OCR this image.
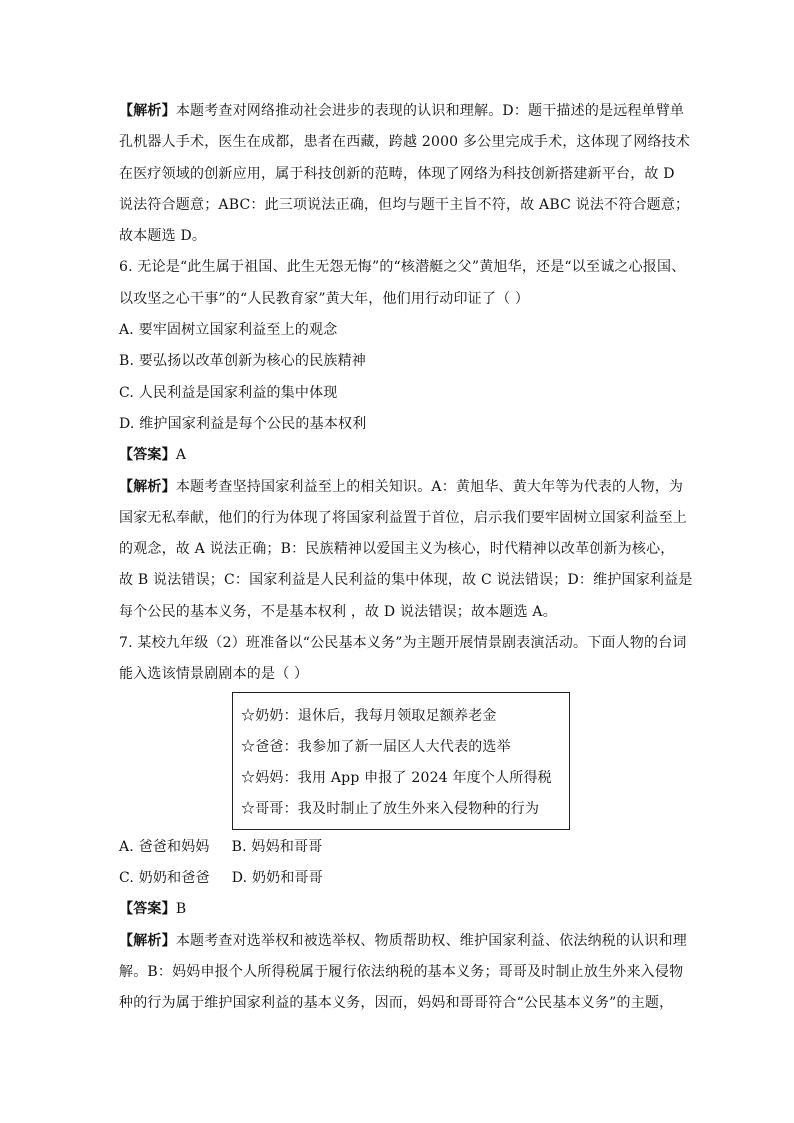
【解析】本题考查对网络推动社会进步的表现的认识和理解。D：题干描述的是远程单臂单
孔机器人手术，医生在成都，患者在西藏，跨越 2000 多公里完成手术，这体现了网络技术
在医疗领域的创新应用，属于科技创新的范畴，体现了网络为科技创新搭建新平台，故 D
说法符合题意；ABC：此三项说法正确，但均与题干主旨不符，故 ABC 说法不符合题意；
故本题选 D。
6. 无论是“此生属于祖国、此生无怨无悔”的“核潜艇之父”黄旭华，还是“以至诚之心报国、
以攻坚之心干事”的“人民教育家”黄大年，他们用行动印证了（ ）
A. 要牢固树立国家利益至上的观念
B. 要弘扬以改革创新为核心的民族精神
C. 人民利益是国家利益的集中体现
D. 维护国家利益是每个公民的基本权利
【答案】A
【解析】本题考查坚持国家利益至上的相关知识。A：黄旭华、黄大年等为代表的人物，为
国家无私奉献，他们的行为体现了将国家利益置于首位，启示我们要牢固树立国家利益至上
的观念，故 A 说法正确；B：民族精神以爱国主义为核心，时代精神以改革创新为核心，
故 B 说法错误；C：国家利益是人民利益的集中体现，故 C 说法错误；D：维护国家利益是
每个公民的基本义务，不是基本权利 ，故 D 说法错误；故本题选 A。
7. 某校九年级（2）班准备以“公民基本义务”为主题开展情景剧表演活动。下面人物的台词
能入选该情景剧剧本的是（ ）
☆奶奶：退休后，我每月领取足额养老金
☆爸爸：我参加了新一届区人大代表的选举
☆妈妈：我用 App 申报了 2024 年度个人所得税
☆哥哥：我及时制止了放生外来入侵物种的行为
A. 爸爸和妈妈 B. 妈妈和哥哥
C. 奶奶和爸爸 D. 奶奶和哥哥
【答案】B
【解析】本题考查对选举权和被选举权、物质帮助权、维护国家利益、依法纳税的认识和理
解。B：妈妈申报个人所得税属于履行依法纳税的基本义务；哥哥及时制止放生外来入侵物
种的行为属于维护国家利益的基本义务，因而，妈妈和哥哥符合“公民基本义务”的主题，
